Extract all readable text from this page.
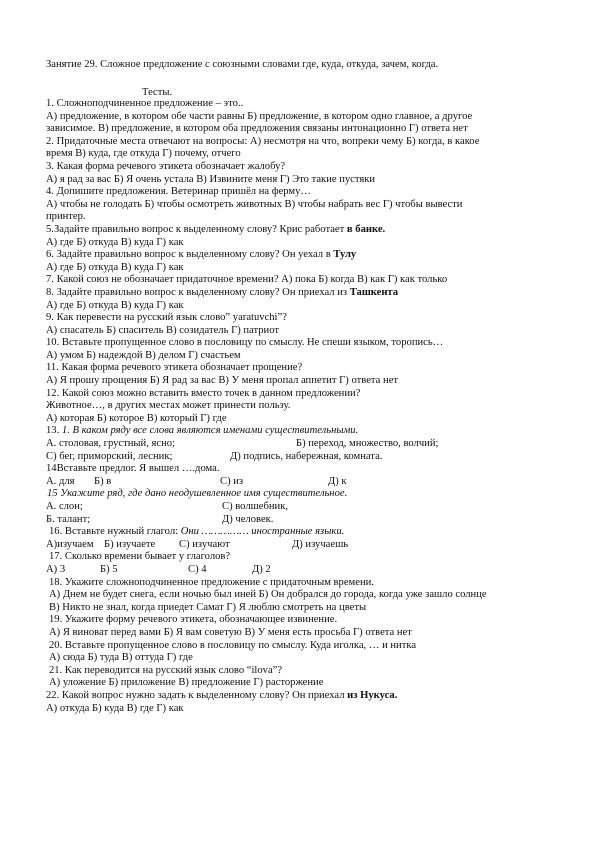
Занятие 29. Сложное предложение с союзными словами где, куда, откуда, зачем, когда.
Тесты.
1. Сложноподчиненное предложение – это..
А) предложение, в котором обе части равны Б) предложение, в котором одно главное, а другое
зависимое. В) предложение, в котором оба предложения связаны интонационно Г) ответа нет
2. Придаточные места отвечают на вопросы: А) несмотря на что, вопреки чему Б) когда, в какое
время В) куда, где откуда Г) почему, отчего
3. Какая форма речевого этикета обозначает жалобу?
А) я рад за вас Б) Я очень устала В) Извините меня Г) Это такие пустяки
4. Допишите предложения. Ветеринар пришёл на ферму…
А) чтобы не голодать Б) чтобы осмотреть животных В) чтобы набрать вес Г) чтобы вывести
принтер.
5.Задайте правильно вопрос к выделенному слову? Крис работает в банке.
А) где Б) откуда В) куда Г) как
6. Задайте правильно вопрос к выделенному слову? Он уехал в Тулу
А) где Б) откуда В) куда Г) как
7. Какой союз не обозначает придаточное времени? А) пока Б) когда В) как Г) как только
8. Задайте правильно вопрос к выделенному слову? Он приехал из Ташкента
А) где Б) откуда В) куда Г) как
9. Как перевести на русский язык слово” yaratuvchi”?
А) спасатель Б) спаситель В) созидатель Г) патриот
10. Вставьте пропущенное слово в пословицу по смыслу. Не спеши языком, торопись…
А) умом Б) надеждой В) делом Г) счастьем
11. Какая форма речевого этикета обозначает прощение?
А) Я прошу прощения Б) Я рад за вас В) У меня пропал аппетит Г) ответа нет
12. Какой союз можно вставить вместо точек в данном предложении?
Животное…, в других местах может принести пользу.
А) которая Б) которое В) который Г) где
13. 1. В каком ряду все слова являются именами существительными.
А. столовая, грустный, ясно;	Б) переход, множество, волчий;
С) бег, приморский, лесник;	Д) подпись, набережная, комната.
14Вставьте предлог. Я вышел ….дома.
А. для Б) в	С) из	Д) к
15 Укажите ряд, где дано неодушевленное имя существительное.
А. слон;	С) волшебник,
Б. талант;	Д) человек.
16. Вставьте нужный глагол: Они …………… иностранные языки.
А)изучаем Б) изучаете С) изучают	Д) изучаешь
17. Сколько времени бывает у глаголов?
А) 3	Б) 5	С) 4	Д) 2
18. Укажите сложноподчиненное предложение с придаточным времени.
А) Днем не будет снега, если ночью был иней Б) Он добрался до города, когда уже зашло солнце
В) Никто не знал, когда приедет Самат Г) Я люблю смотреть на цветы
19. Укажите форму речевого этикета, обозначающее извинение.
А) Я виноват перед вами Б) Я вам советую В) У меня есть просьба Г) ответа нет
20. Вставьте пропущенное слово в пословицу по смыслу. Куда иголка, … и нитка
А) сюда Б) туда В) оттуда Г) где
21. Как переводится на русский язык слово “ilova”?
А) уложение Б) приложение В) предложение Г) расторжение
22. Какой вопрос нужно задать к выделенному слову? Он приехал из Нукуса.
А) откуда Б) куда В) где Г) как
